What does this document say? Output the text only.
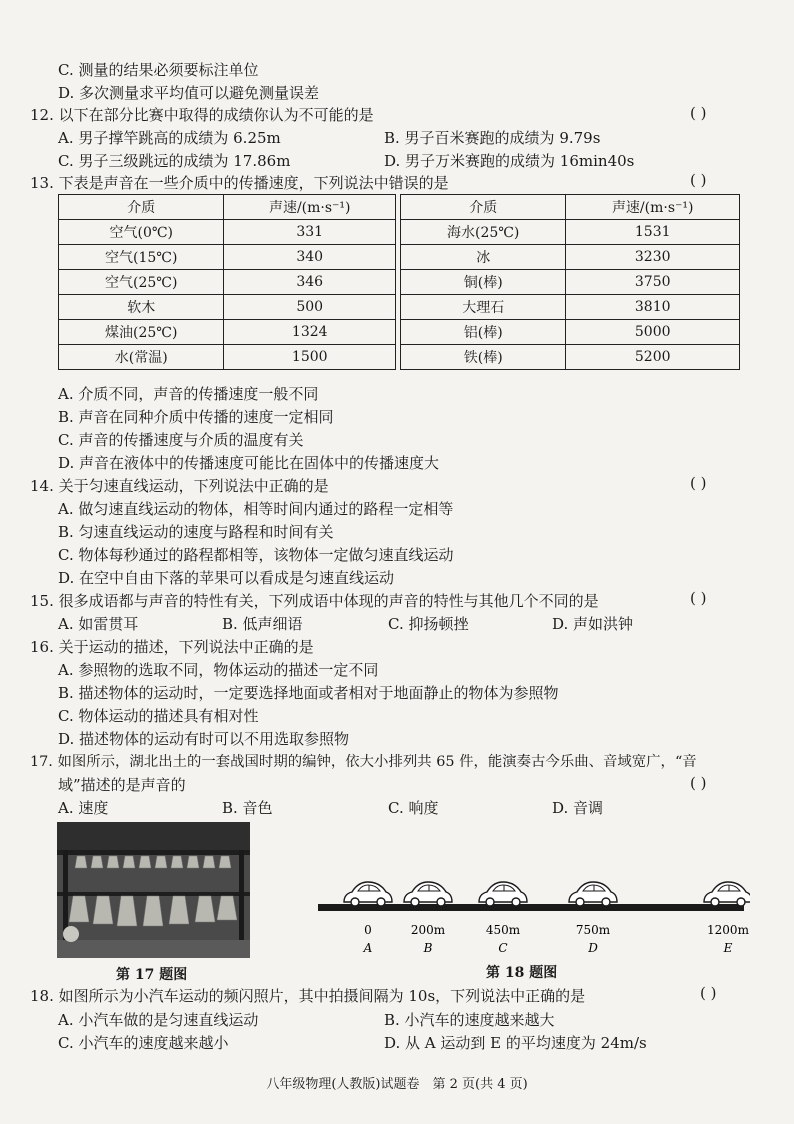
C. 测量的结果必须要标注单位
D. 多次测量求平均值可以避免测量误差
12. 以下在部分比赛中取得的成绩你认为不可能的是	( )
A. 男子撑竿跳高的成绩为 6.25m	B. 男子百米赛跑的成绩为 9.79s
C. 男子三级跳远的成绩为 17.86m	D. 男子万米赛跑的成绩为 16min40s
13. 下表是声音在一些介质中的传播速度，下列说法中错误的是	( )
介质	声速/(m·s⁻¹)		介质	声速/(m·s⁻¹)
空气(0℃)	331		海水(25℃)	1531
空气(15℃)	340		冰	3230
空气(25℃)	346		铜(棒)	3750
软木	500		大理石	3810
煤油(25℃)	1324		铝(棒)	5000
水(常温)	1500		铁(棒)	5200
A. 介质不同，声音的传播速度一般不同
B. 声音在同种介质中传播的速度一定相同
C. 声音的传播速度与介质的温度有关
D. 声音在液体中的传播速度可能比在固体中的传播速度大
14. 关于匀速直线运动，下列说法中正确的是	( )
A. 做匀速直线运动的物体，相等时间内通过的路程一定相等
B. 匀速直线运动的速度与路程和时间有关
C. 物体每秒通过的路程都相等，该物体一定做匀速直线运动
D. 在空中自由下落的苹果可以看成是匀速直线运动
15. 很多成语都与声音的特性有关，下列成语中体现的声音的特性与其他几个不同的是	( )
A. 如雷贯耳	B. 低声细语	C. 抑扬顿挫	D. 声如洪钟
16. 关于运动的描述，下列说法中正确的是
A. 参照物的选取不同，物体运动的描述一定不同
B. 描述物体的运动时，一定要选择地面或者相对于地面静止的物体为参照物
C. 物体运动的描述具有相对性
D. 描述物体的运动有时可以不用选取参照物
17. 如图所示，湖北出土的一套战国时期的编钟，依大小排列共 65 件，能演奏古今乐曲、音域宽广，“音
域”描述的是声音的	( )
A. 速度	B. 音色	C. 响度	D. 音调
第 17 题图
0
A
200m
B
450m
C
750m
D
1200m
E
第 18 题图
18. 如图所示为小汽车运动的频闪照片，其中拍摄间隔为 10s，下列说法中正确的是	( )
A. 小汽车做的是匀速直线运动	B. 小汽车的速度越来越大
C. 小汽车的速度越来越小	D. 从 A 运动到 E 的平均速度为 24m/s
八年级物理(人教版)试题卷　第 2 页(共 4 页)
